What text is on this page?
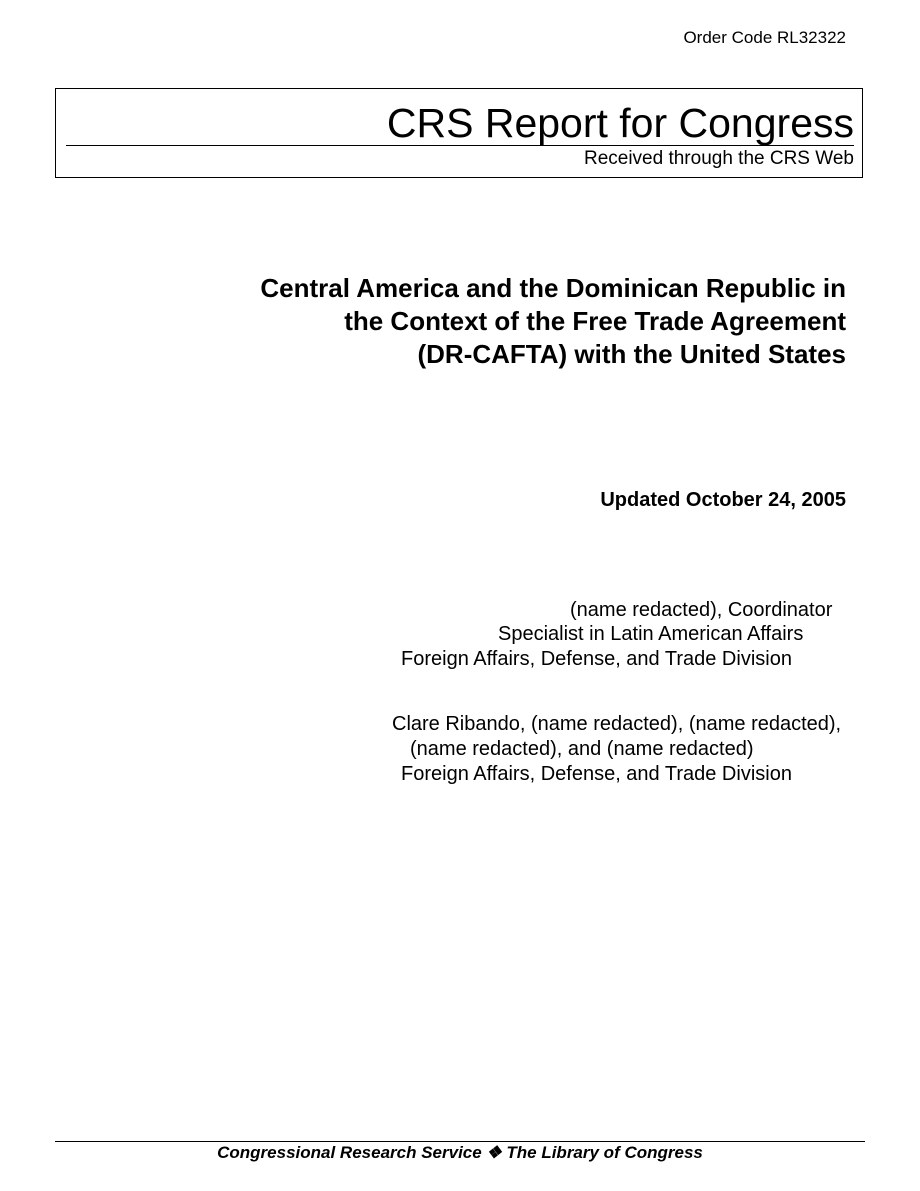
Order Code RL32322
CRS Report for Congress
Received through the CRS Web
Central America and the Dominican Republic in
the Context of the Free Trade Agreement
(DR-CAFTA) with the United States
Updated October 24, 2005
(name redacted), Coordinator
Specialist in Latin American Affairs
Foreign Affairs, Defense, and Trade Division
Clare Ribando, (name redacted), (name redacted),
(name redacted), and (name redacted)
Foreign Affairs, Defense, and Trade Division
Congressional Research Service ❖ The Library of Congress
